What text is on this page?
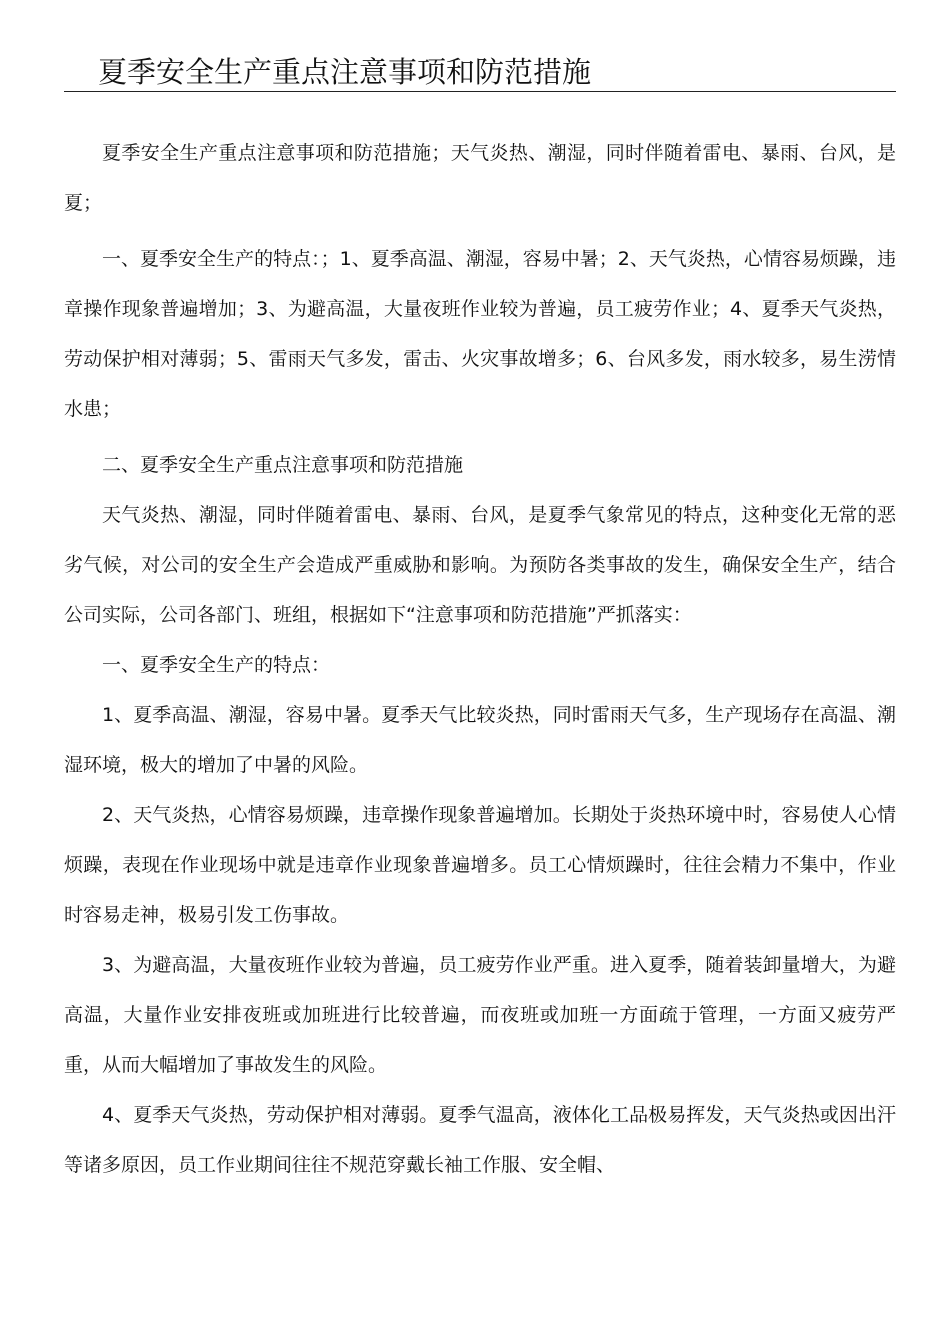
夏季安全生产重点注意事项和防范措施

夏季安全生产重点注意事项和防范措施；天气炎热、潮湿，同时伴随着雷电、暴雨、台风，是夏；

一、夏季安全生产的特点：；1、夏季高温、潮湿，容易中暑；2、天气炎热，心情容易烦躁，违章操作现象普遍增加；3、为避高温，大量夜班作业较为普遍，员工疲劳作业；4、夏季天气炎热，劳动保护相对薄弱；5、雷雨天气多发，雷击、火灾事故增多；6、台风多发，雨水较多，易生涝情水患；

二、夏季安全生产重点注意事项和防范措施

天气炎热、潮湿，同时伴随着雷电、暴雨、台风，是夏季气象常见的特点，这种变化无常的恶劣气候，对公司的安全生产会造成严重威胁和影响。为预防各类事故的发生，确保安全生产，结合公司实际，公司各部门、班组，根据如下“注意事项和防范措施”严抓落实：

一、夏季安全生产的特点：

1、夏季高温、潮湿，容易中暑。夏季天气比较炎热，同时雷雨天气多，生产现场存在高温、潮湿环境，极大的增加了中暑的风险。

2、天气炎热，心情容易烦躁，违章操作现象普遍增加。长期处于炎热环境中时，容易使人心情烦躁，表现在作业现场中就是违章作业现象普遍增多。员工心情烦躁时，往往会精力不集中，作业时容易走神，极易引发工伤事故。

3、为避高温，大量夜班作业较为普遍，员工疲劳作业严重。进入夏季，随着装卸量增大，为避高温，大量作业安排夜班或加班进行比较普遍，而夜班或加班一方面疏于管理，一方面又疲劳严重，从而大幅增加了事故发生的风险。

4、夏季天气炎热，劳动保护相对薄弱。夏季气温高，液体化工品极易挥发，天气炎热或因出汗等诸多原因，员工作业期间往往不规范穿戴长袖工作服、安全帽、
